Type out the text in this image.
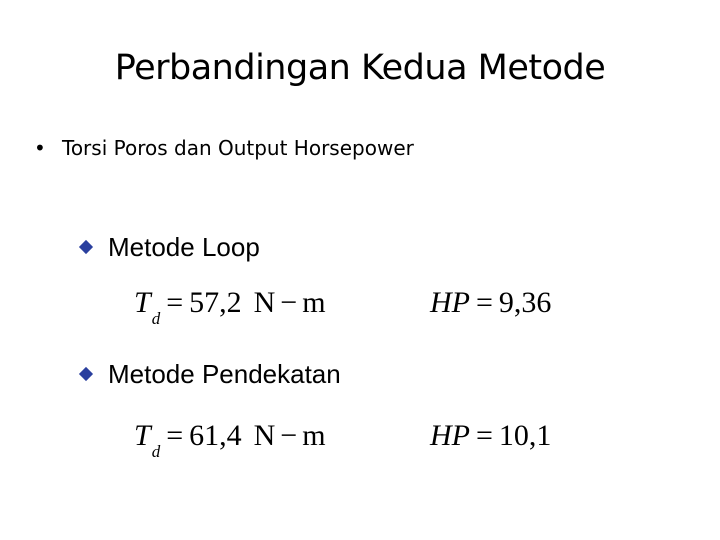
Perbandingan Kedua Metode
• Torsi Poros dan Output Horsepower
Metode Loop
$T_d = 57,2$ N − m	HP = 9,36
Metode Pendekatan
$T_d = 61,4$ N − m	HP = 10,1
